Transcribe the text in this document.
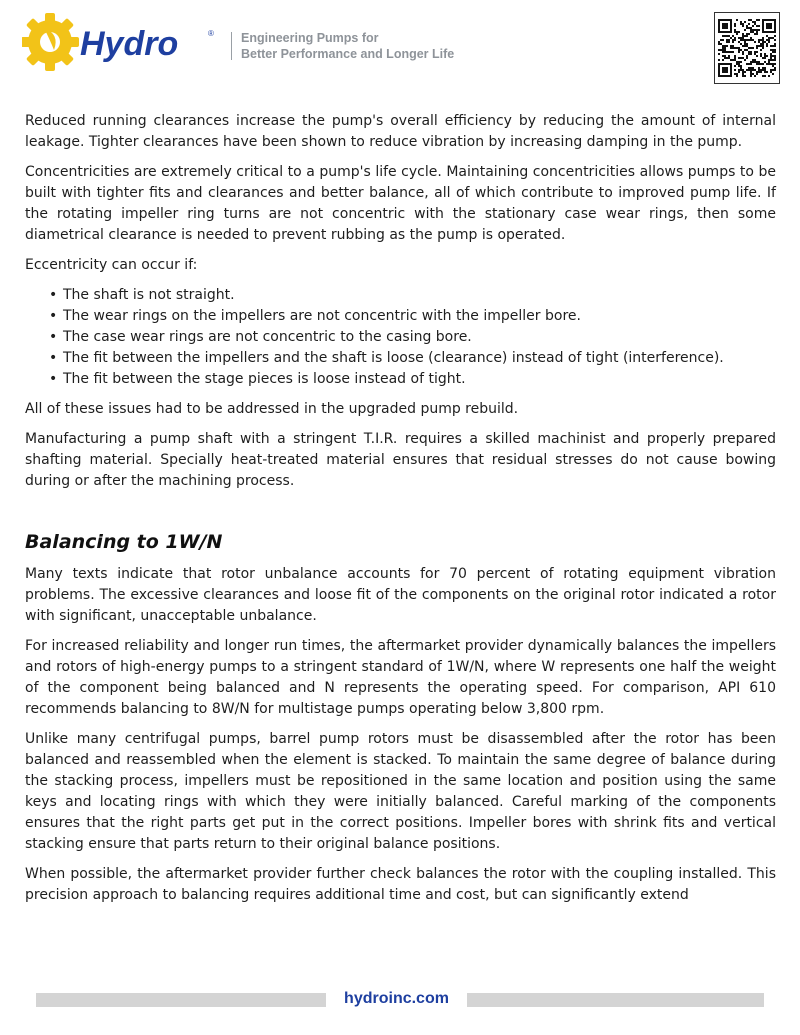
Hydro	® Engineering Pumps for
Better Performance and Longer Life

Reduced running clearances increase the pump's overall efficiency by reducing the amount of internal leakage. Tighter clearances have been shown to reduce vibration by increasing damping in the pump.

Concentricities are extremely critical to a pump's life cycle. Maintaining concentricities allows pumps to be built with tighter fits and clearances and better balance, all of which contribute to improved pump life. If the rotating impeller ring turns are not concentric with the stationary case wear rings, then some diametrical clearance is needed to prevent rubbing as the pump is operated.

Eccentricity can occur if:

• The shaft is not straight.
• The wear rings on the impellers are not concentric with the impeller bore.
• The case wear rings are not concentric to the casing bore.
• The fit between the impellers and the shaft is loose (clearance) instead of tight (interference).
• The fit between the stage pieces is loose instead of tight.

All of these issues had to be addressed in the upgraded pump rebuild.

Manufacturing a pump shaft with a stringent T.I.R. requires a skilled machinist and properly prepared shafting material. Specially heat-treated material ensures that residual stresses do not cause bowing during or after the machining process.

Balancing to 1W/N

Many texts indicate that rotor unbalance accounts for 70 percent of rotating equipment vibration problems. The excessive clearances and loose fit of the components on the original rotor indicated a rotor with significant, unacceptable unbalance.

For increased reliability and longer run times, the aftermarket provider dynamically balances the impellers and rotors of high-energy pumps to a stringent standard of 1W/N, where W represents one half the weight of the component being balanced and N represents the operating speed. For comparison, API 610 recommends balancing to 8W/N for multistage pumps operating below 3,800 rpm.

Unlike many centrifugal pumps, barrel pump rotors must be disassembled after the rotor has been balanced and reassembled when the element is stacked. To maintain the same degree of balance during the stacking process, impellers must be repositioned in the same location and position using the same keys and locating rings with which they were initially balanced. Careful marking of the components ensures that the right parts get put in the correct positions. Impeller bores with shrink fits and vertical stacking ensure that parts return to their original balance positions.

When possible, the aftermarket provider further check balances the rotor with the coupling installed. This precision approach to balancing requires additional time and cost, but can significantly extend

hydroinc.com
